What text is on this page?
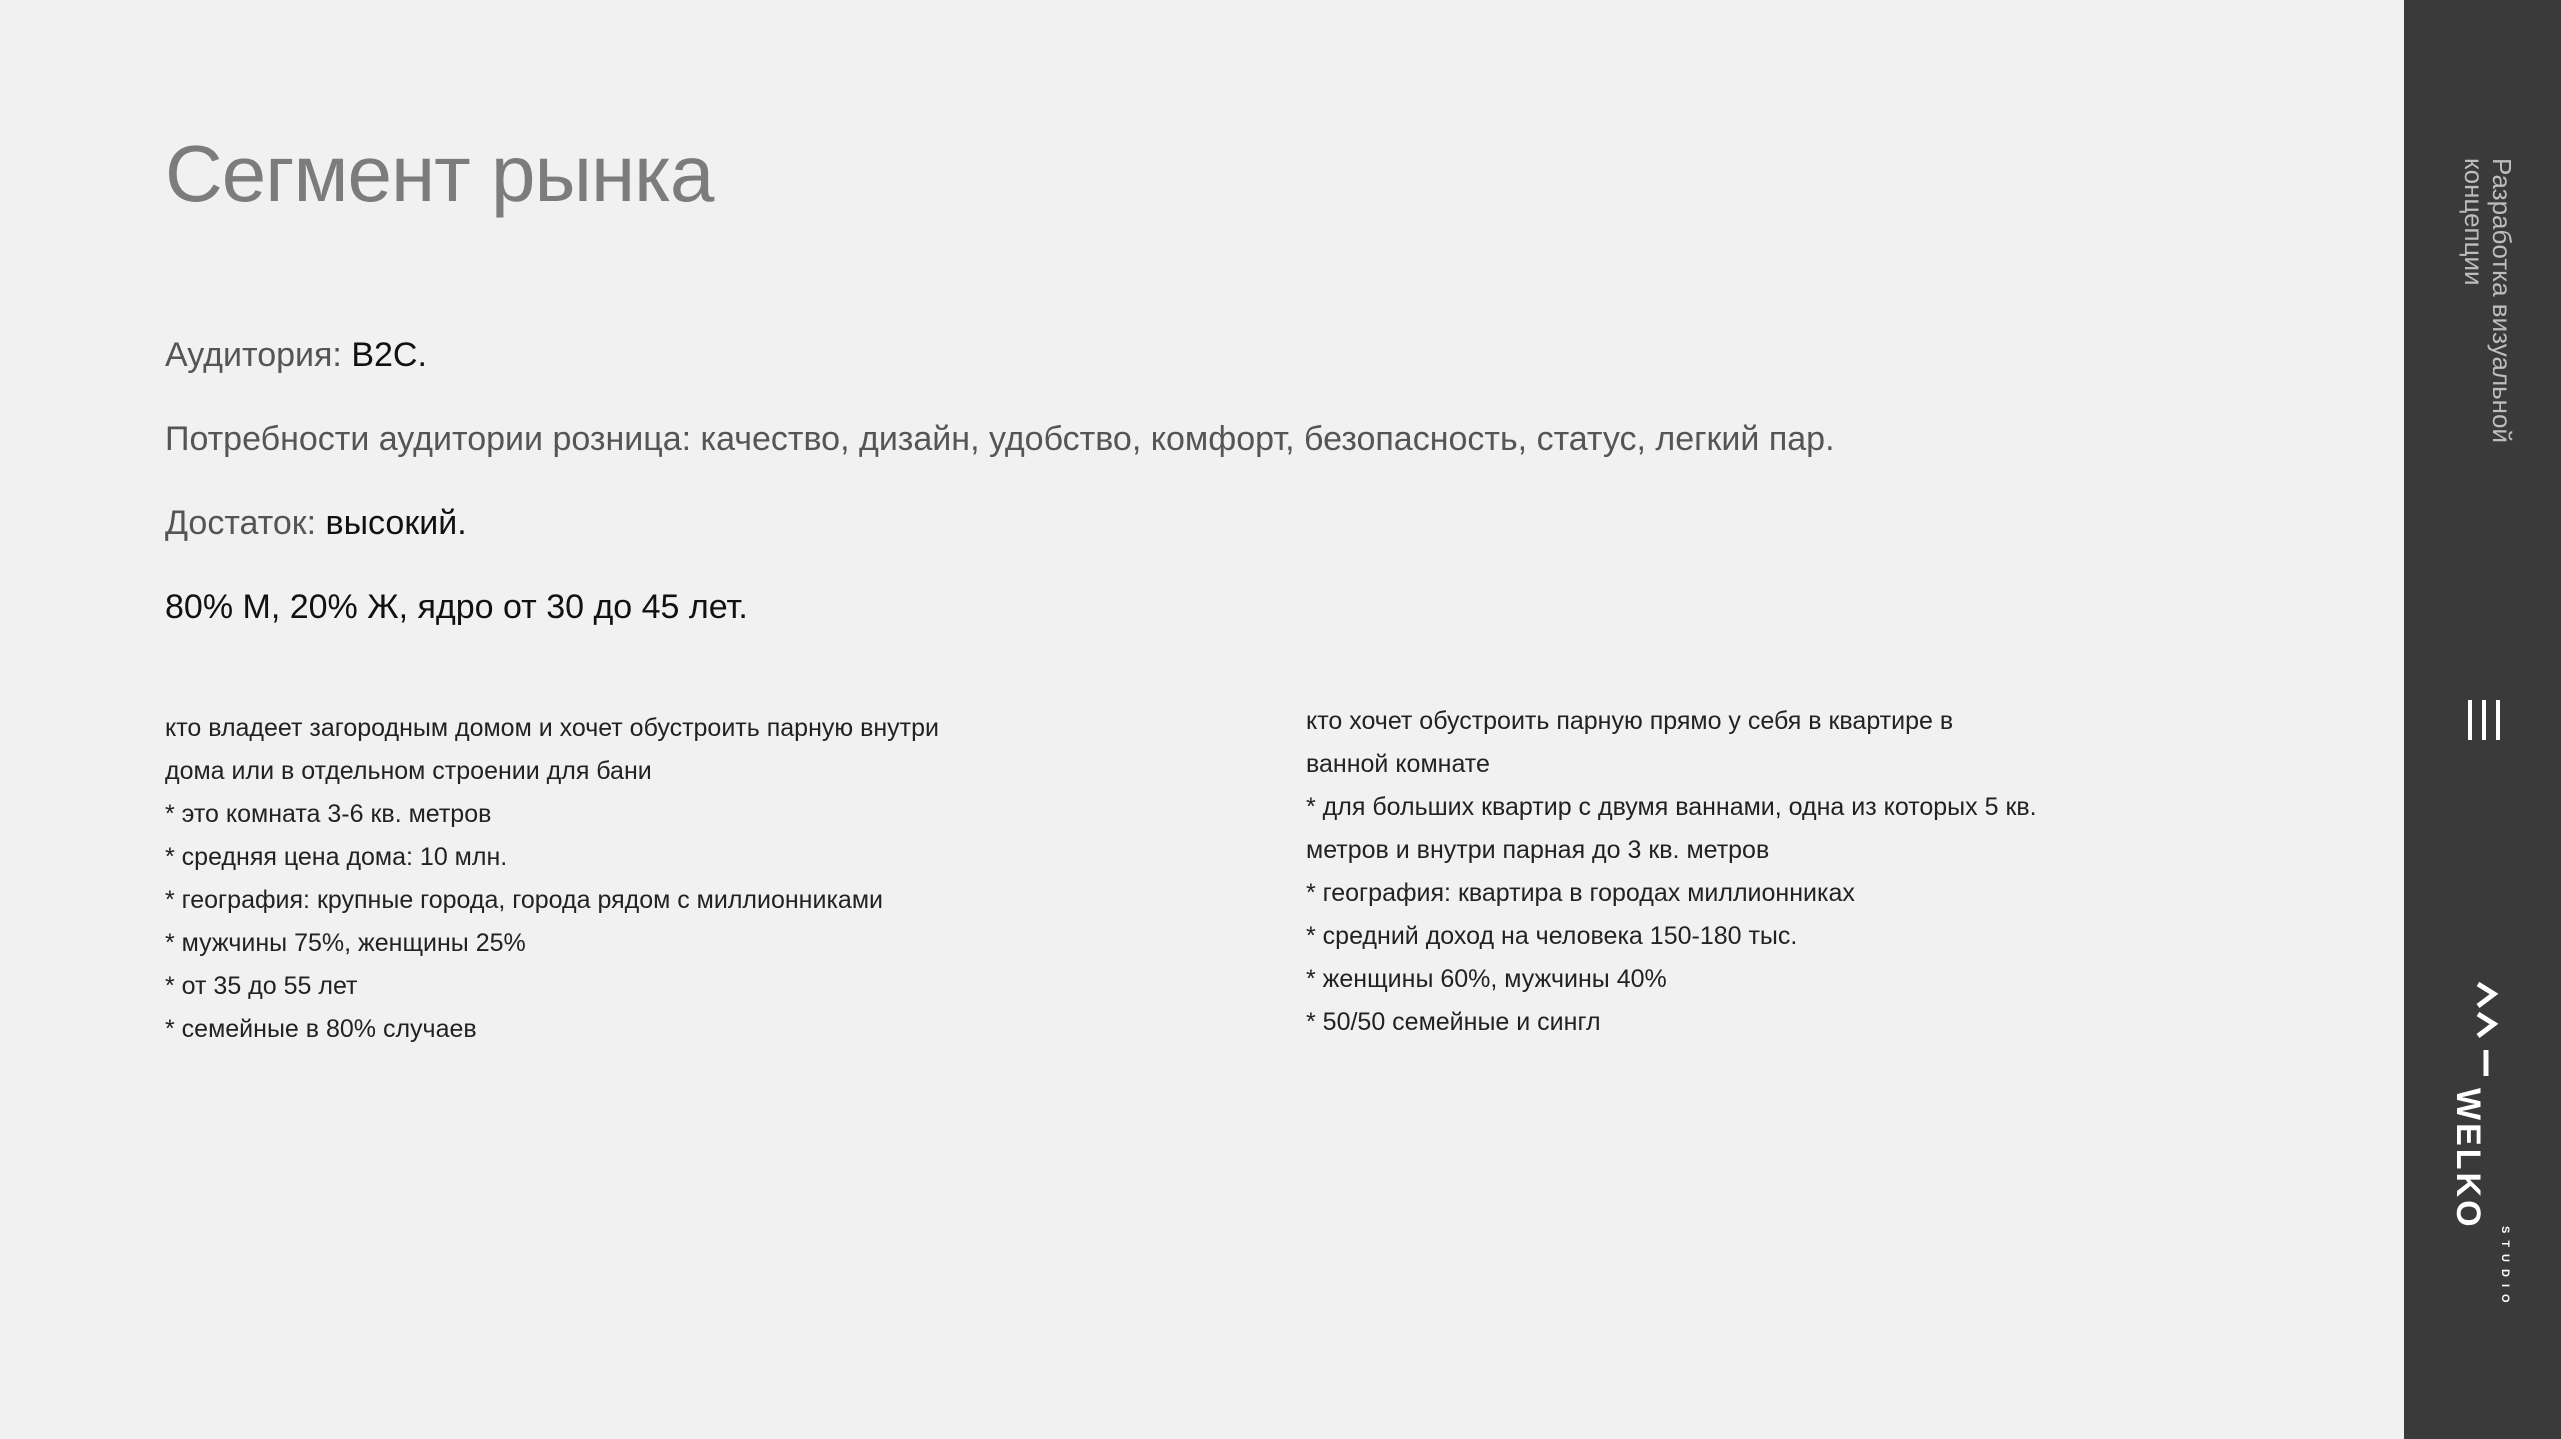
Сегмент рынка
Аудитория: B2C.
Потребности аудитории розница: качество, дизайн, удобство, комфорт, безопасность, статус, легкий пар.
Достаток: высокий.
80% М, 20% Ж, ядро от 30 до 45 лет.
кто владеет загородным домом и хочет обустроить парную внутри
дома или в отдельном строении для бани
* это комната 3-6 кв. метров
* средняя цена дома: 10 млн.
* география: крупные города, города рядом с миллионниками
* мужчины 75%, женщины 25%
* от 35 до 55 лет
* семейные в 80% случаев
кто хочет обустроить парную прямо у себя в квартире в
ванной комнате
* для больших квартир с двумя ваннами, одна из которых 5 кв.
метров и внутри парная до 3 кв. метров
* география: квартира в городах миллионниках
* средний доход на человека 150-180 тыс.
* женщины 60%, мужчины 40%
* 50/50 семейные и сингл
Разработка визуальной
концепции
WELKO
STUDIO
